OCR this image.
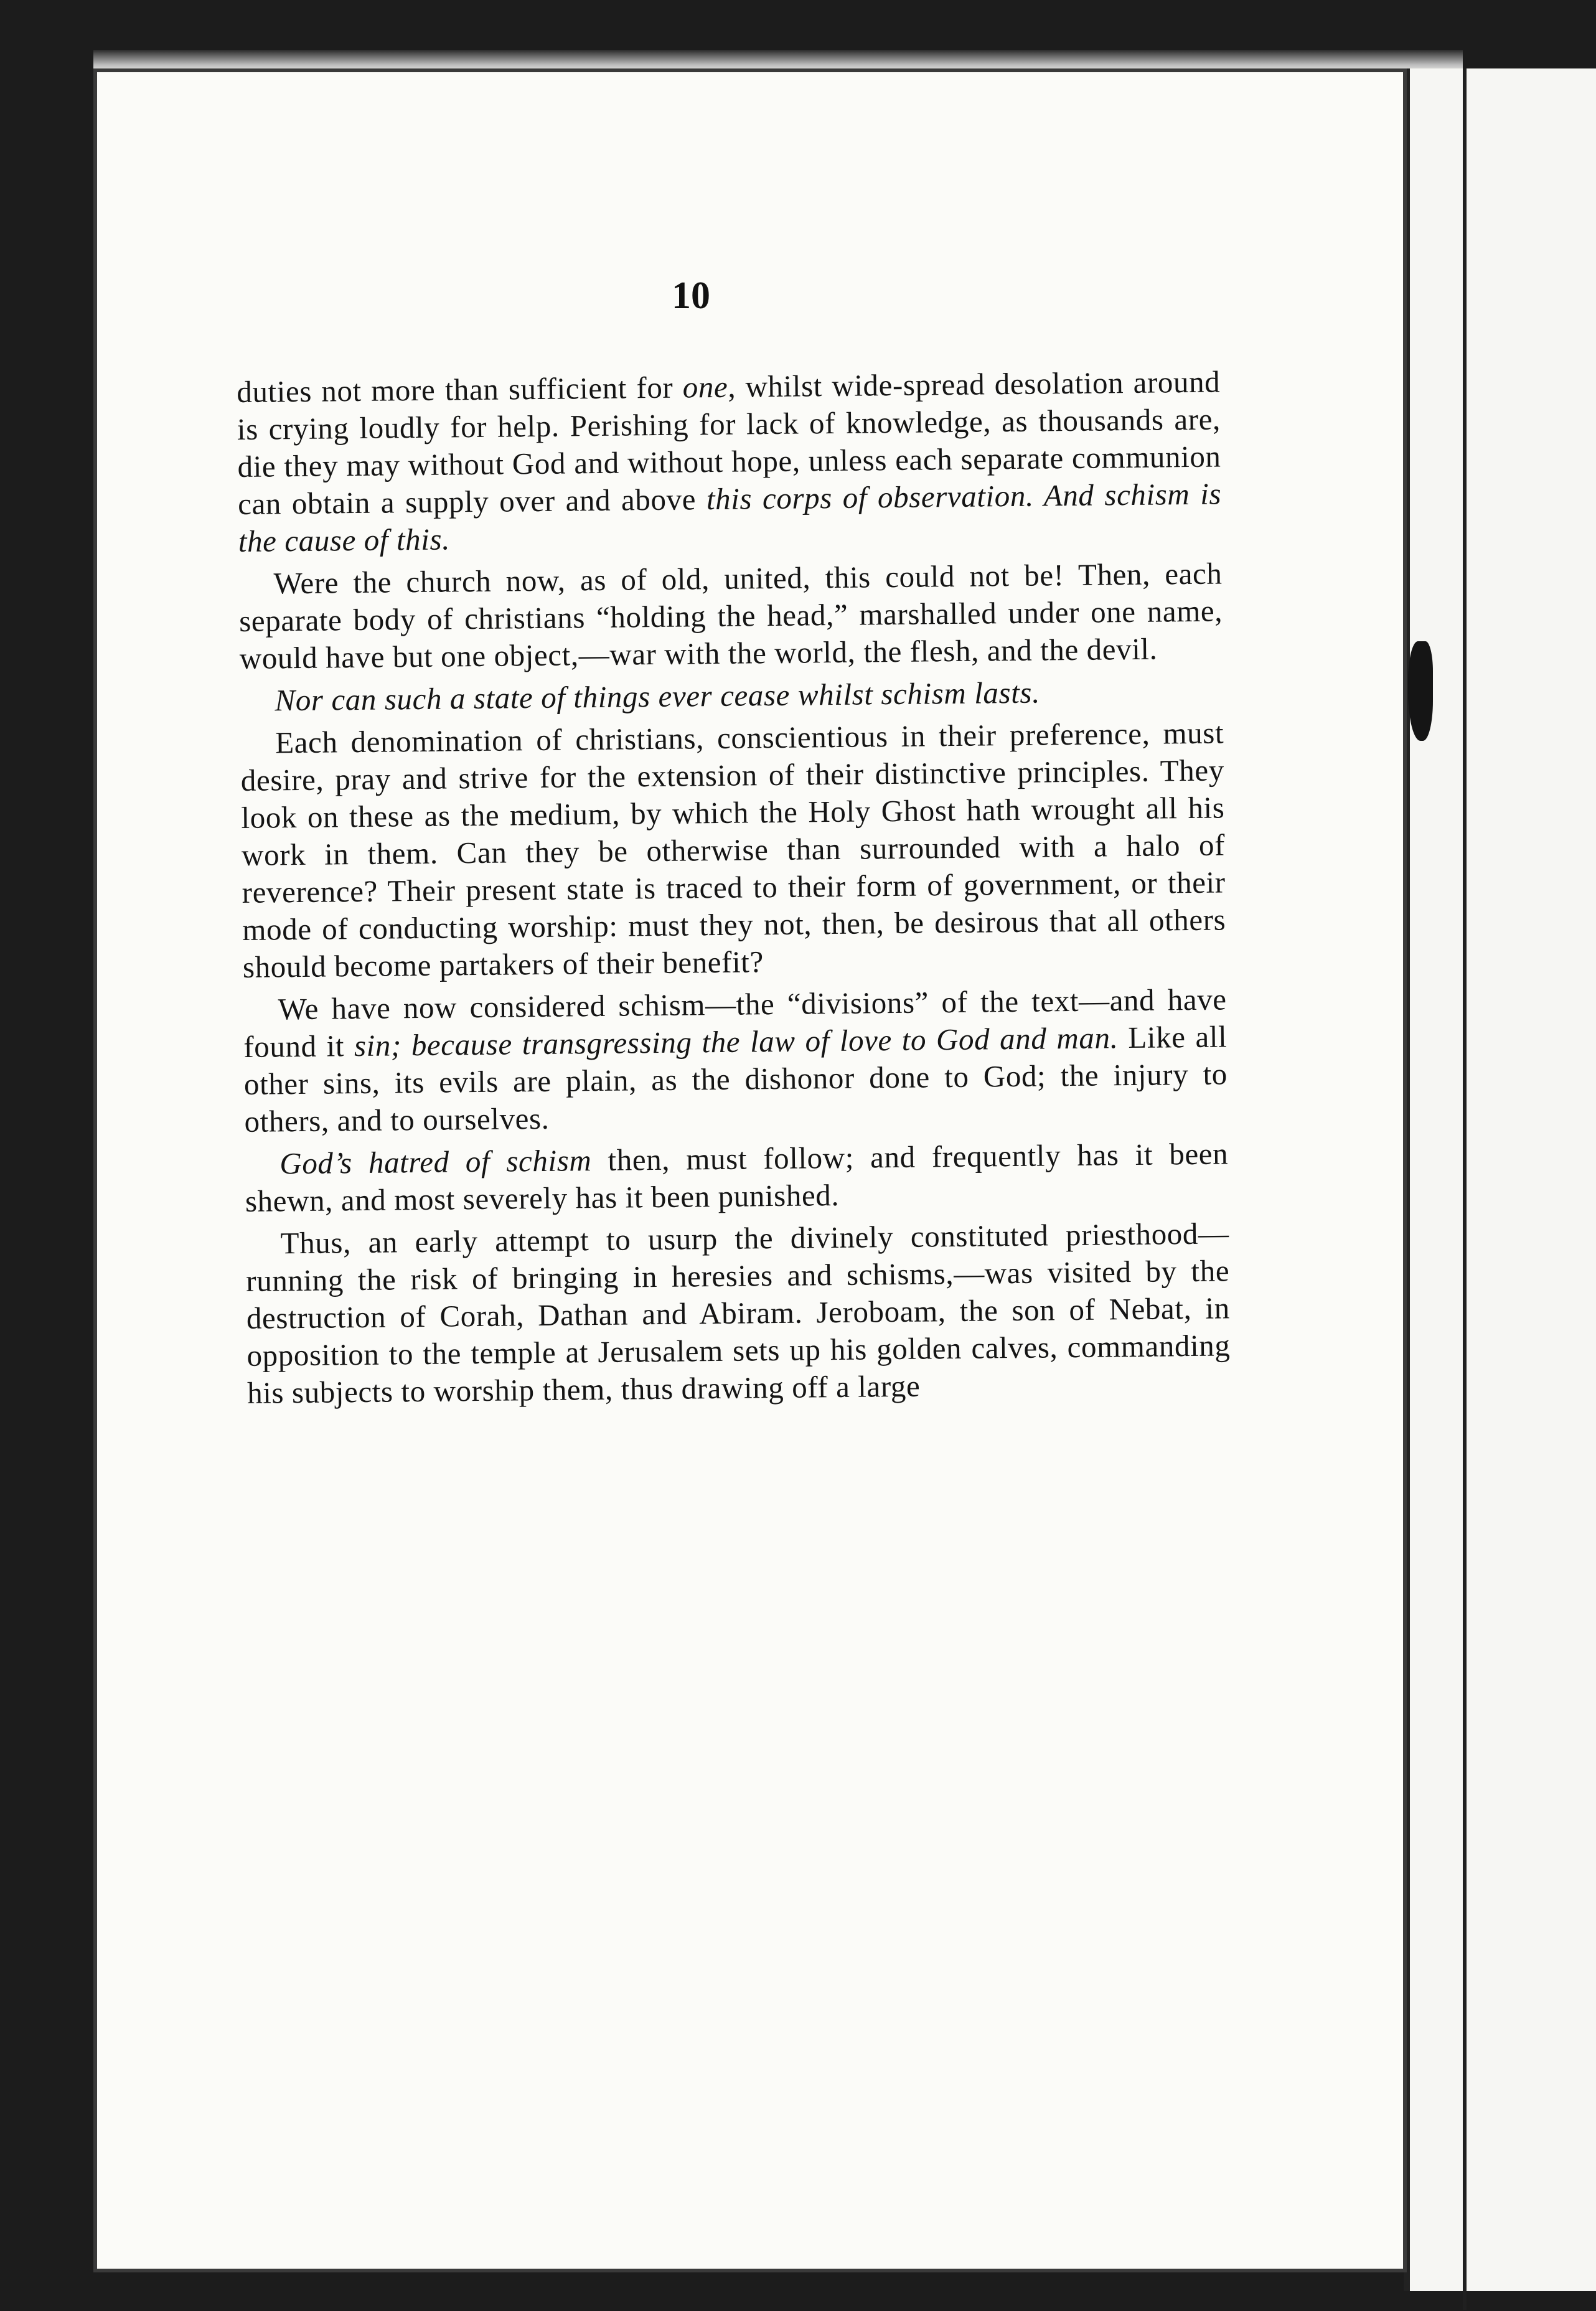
10

duties not more than sufficient for one, whilst wide-spread desolation around is crying loudly for help. Perishing for lack of knowledge, as thousands are, die they may without God and without hope, unless each separate communion can obtain a supply over and above this corps of observation. And schism is the cause of this.

Were the church now, as of old, united, this could not be! Then, each separate body of christians “holding the head,” marshalled under one name, would have but one object,—war with the world, the flesh, and the devil.

Nor can such a state of things ever cease whilst schism lasts.

Each denomination of christians, conscientious in their preference, must desire, pray and strive for the extension of their distinctive principles. They look on these as the medium, by which the Holy Ghost hath wrought all his work in them. Can they be otherwise than surrounded with a halo of reverence? Their present state is traced to their form of government, or their mode of conducting worship: must they not, then, be desirous that all others should become partakers of their benefit?

We have now considered schism—the “divisions” of the text—and have found it sin; because transgressing the law of love to God and man. Like all other sins, its evils are plain, as the dishonor done to God; the injury to others, and to ourselves.

God’s hatred of schism then, must follow; and frequently has it been shewn, and most severely has it been punished.

Thus, an early attempt to usurp the divinely constituted priesthood—running the risk of bringing in heresies and schisms,—was visited by the destruction of Corah, Dathan and Abiram. Jeroboam, the son of Nebat, in opposition to the temple at Jerusalem sets up his golden calves, commanding his subjects to worship them, thus drawing off a large
